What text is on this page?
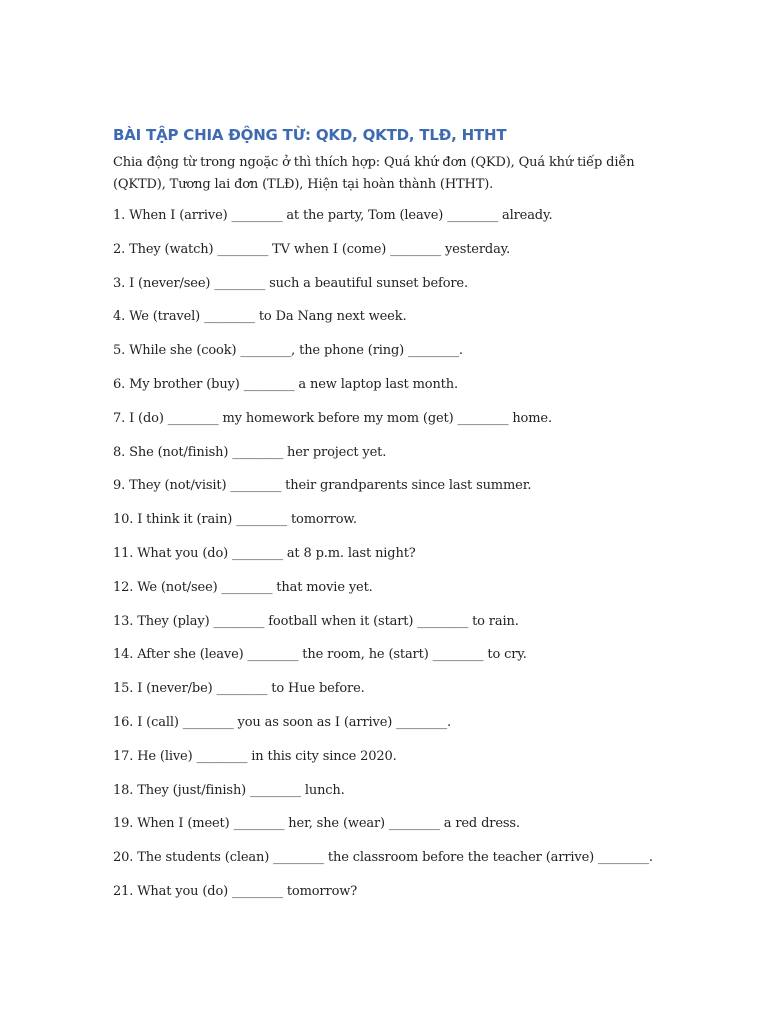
BÀI TẬP CHIA ĐỘNG TỪ: QKD, QKTD, TLĐ, HTHT

Chia động từ trong ngoặc ở thì thích hợp: Quá khứ đơn (QKD), Quá khứ tiếp diễn (QKTD), Tương lai đơn (TLĐ), Hiện tại hoàn thành (HTHT).

1. When I (arrive) ________ at the party, Tom (leave) ________ already.
2. They (watch) ________ TV when I (come) ________ yesterday.
3. I (never/see) ________ such a beautiful sunset before.
4. We (travel) ________ to Da Nang next week.
5. While she (cook) ________, the phone (ring) ________.
6. My brother (buy) ________ a new laptop last month.
7. I (do) ________ my homework before my mom (get) ________ home.
8. She (not/finish) ________ her project yet.
9. They (not/visit) ________ their grandparents since last summer.
10. I think it (rain) ________ tomorrow.
11. What you (do) ________ at 8 p.m. last night?
12. We (not/see) ________ that movie yet.
13. They (play) ________ football when it (start) ________ to rain.
14. After she (leave) ________ the room, he (start) ________ to cry.
15. I (never/be) ________ to Hue before.
16. I (call) ________ you as soon as I (arrive) ________.
17. He (live) ________ in this city since 2020.
18. They (just/finish) ________ lunch.
19. When I (meet) ________ her, she (wear) ________ a red dress.
20. The students (clean) ________ the classroom before the teacher (arrive) ________.
21. What you (do) ________ tomorrow?
